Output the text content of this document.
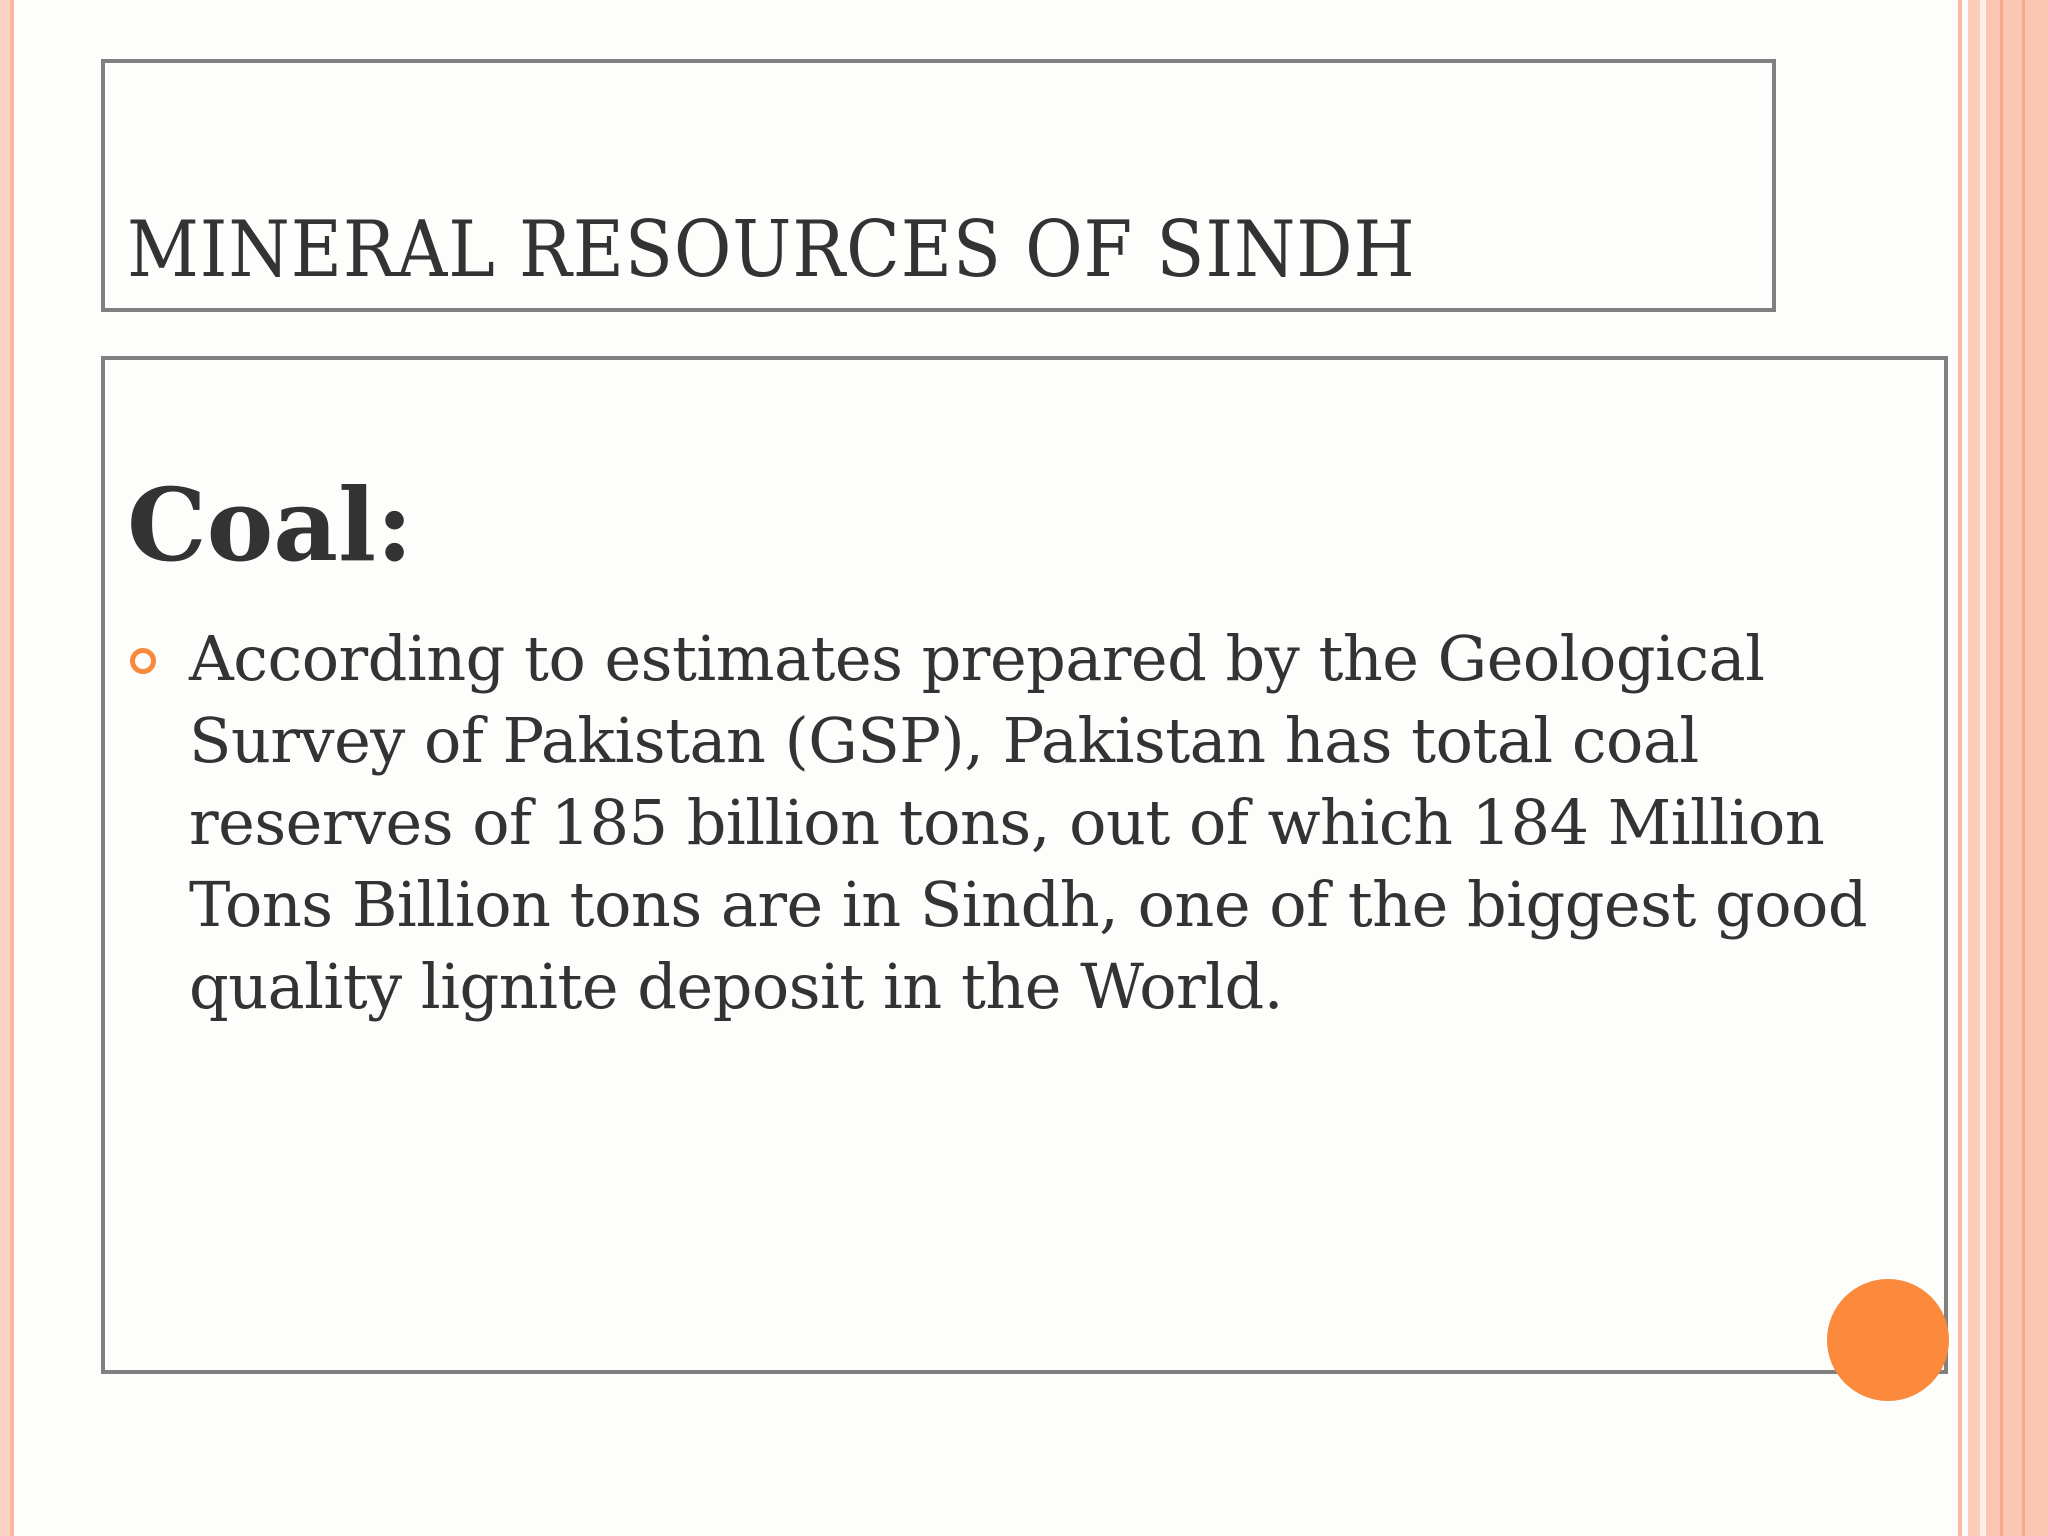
MINERAL RESOURCES OF SINDH
Coal:
According to estimates prepared by the Geological Survey of Pakistan (GSP), Pakistan has total coal reserves of 185 billion tons, out of which 184 Million Tons Billion tons are in Sindh, one of the biggest good quality lignite deposit in the World.
